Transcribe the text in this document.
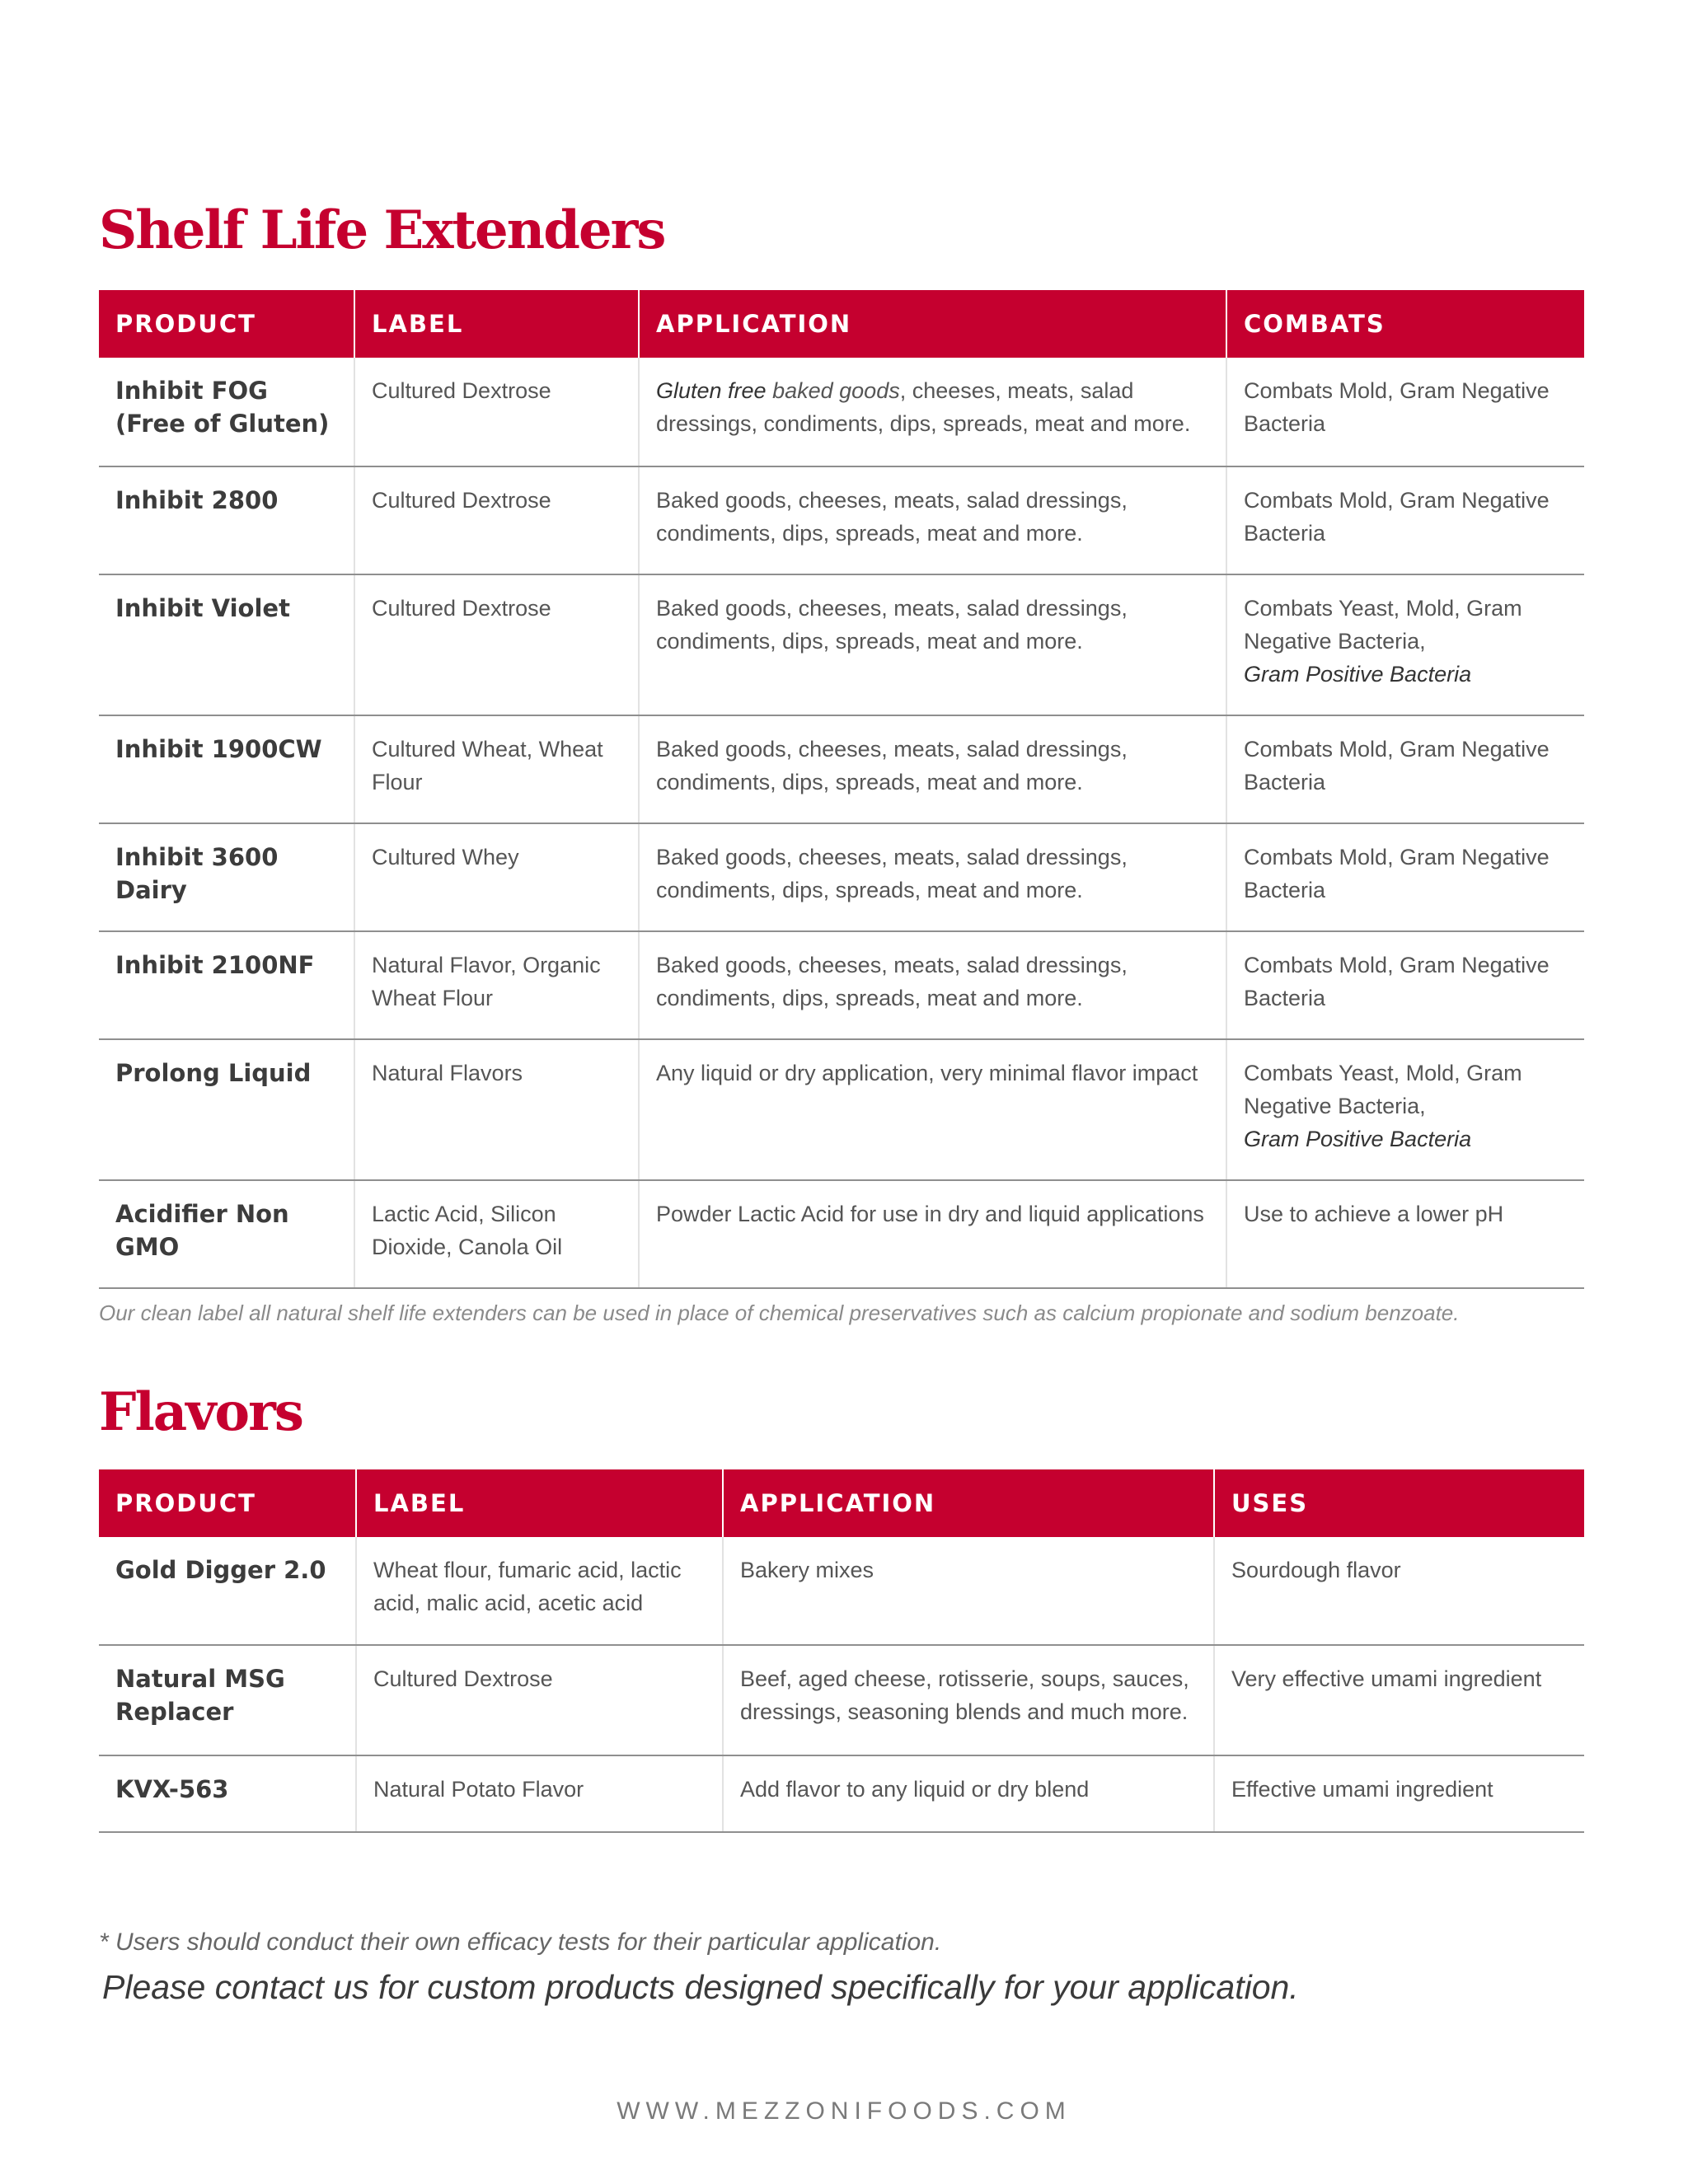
Shelf Life Extenders
PRODUCT	LABEL	APPLICATION	COMBATS
Inhibit FOG (Free of Gluten)	Cultured Dextrose	Gluten free baked goods, cheeses, meats, salad dressings, condiments, dips, spreads, meat and more.	Combats Mold, Gram Negative Bacteria

Inhibit 2800	Cultured Dextrose	Baked goods, cheeses, meats, salad dressings, condiments, dips, spreads, meat and more.	Combats Mold, Gram Negative Bacteria

Inhibit Violet	Cultured Dextrose	Baked goods, cheeses, meats, salad dressings, condiments, dips, spreads, meat and more.	Combats Yeast, Mold, Gram Negative Bacteria,
Gram Positive Bacteria
Inhibit 1900CW	Cultured Wheat, Wheat Flour	Baked goods, cheeses, meats, salad dressings, condiments, dips, spreads, meat and more.	Combats Mold, Gram Negative Bacteria

Inhibit 3600 Dairy	Cultured Whey	Baked goods, cheeses, meats, salad dressings, condiments, dips, spreads, meat and more.	Combats Mold, Gram Negative Bacteria

Inhibit 2100NF	Natural Flavor, Organic Wheat Flour	Baked goods, cheeses, meats, salad dressings, condiments, dips, spreads, meat and more.	Combats Mold, Gram Negative Bacteria

Prolong Liquid	Natural Flavors	Any liquid or dry application, very minimal flavor impact	Combats Yeast, Mold, Gram Negative Bacteria,
Gram Positive Bacteria
Acidifier Non GMO	Lactic Acid, Silicon Dioxide, Canola Oil	Powder Lactic Acid for use in dry and liquid applications	Use to achieve a lower pH

Our clean label all natural shelf life extenders can be used in place of chemical preservatives such as calcium propionate and sodium benzoate.

Flavors
PRODUCT	LABEL	APPLICATION	USES
Gold Digger 2.0	Wheat flour, fumaric acid, lactic acid, malic acid, acetic acid	Bakery mixes	Sourdough flavor
Natural MSG Replacer	Cultured Dextrose	Beef, aged cheese, rotisserie, soups, sauces, dressings, seasoning blends and much more.	Very effective umami ingredient
KVX-563	Natural Potato Flavor	Add flavor to any liquid or dry blend	Effective umami ingredient

* Users should conduct their own efficacy tests for their particular application.

Please contact us for custom products designed specifically for your application.

WWW.MEZZONIFOODS.COM
